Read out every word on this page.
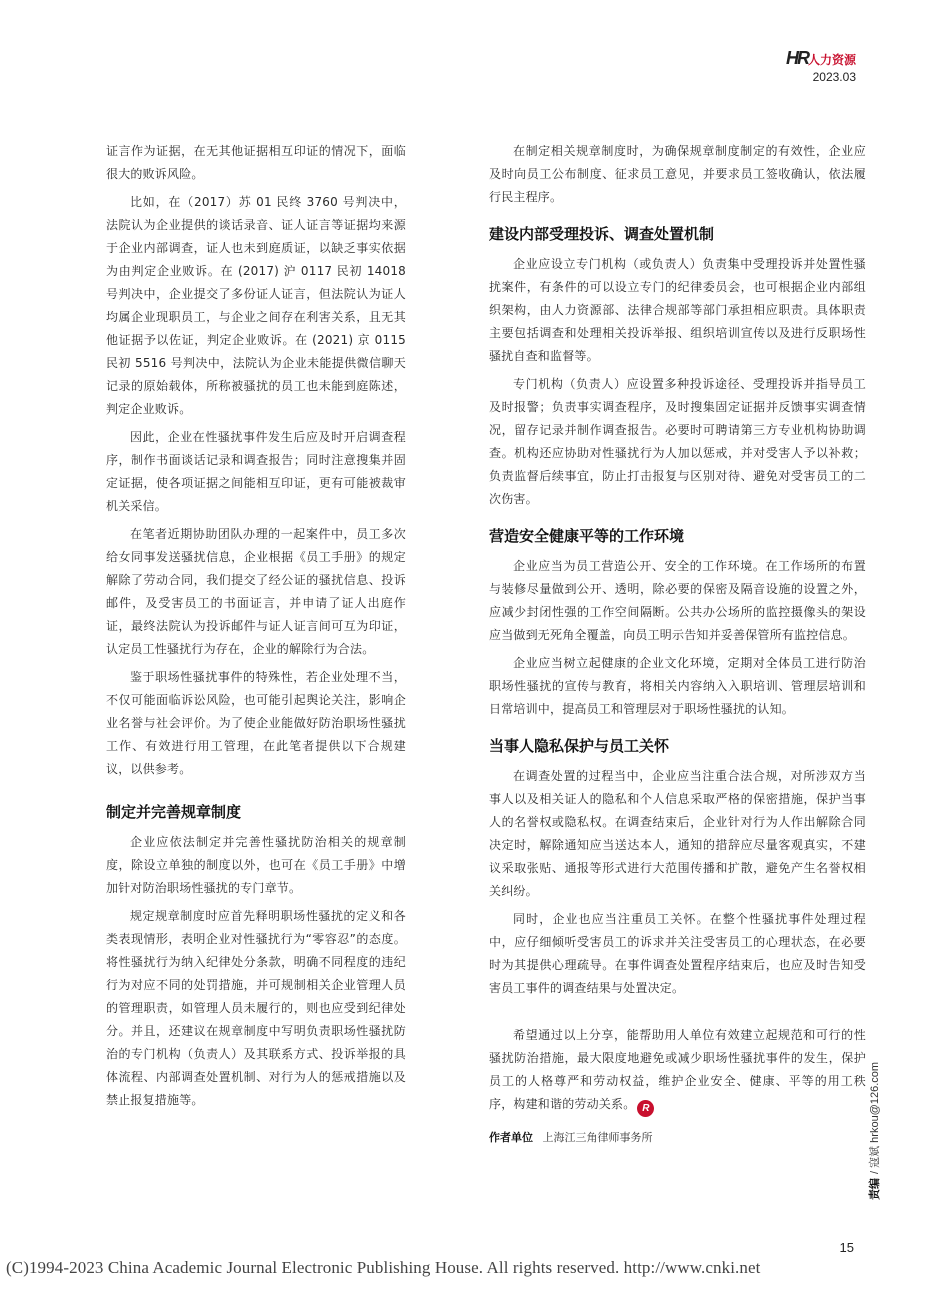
HR人力资源
2023.03

证言作为证据，在无其他证据相互印证的情况下，面临很大的败诉风险。

比如，在（2017）苏 01 民终 3760 号判决中，法院认为企业提供的谈话录音、证人证言等证据均来源于企业内部调查，证人也未到庭质证，以缺乏事实依据为由判定企业败诉。在 (2017) 沪 0117 民初 14018 号判决中，企业提交了多份证人证言，但法院认为证人均属企业现职员工，与企业之间存在利害关系，且无其他证据予以佐证，判定企业败诉。在 (2021) 京 0115 民初 5516 号判决中，法院认为企业未能提供微信聊天记录的原始载体，所称被骚扰的员工也未能到庭陈述，判定企业败诉。

因此，企业在性骚扰事件发生后应及时开启调查程序，制作书面谈话记录和调查报告；同时注意搜集并固定证据，使各项证据之间能相互印证，更有可能被裁审机关采信。

在笔者近期协助团队办理的一起案件中，员工多次给女同事发送骚扰信息，企业根据《员工手册》的规定解除了劳动合同，我们提交了经公证的骚扰信息、投诉邮件，及受害员工的书面证言，并申请了证人出庭作证，最终法院认为投诉邮件与证人证言间可互为印证，认定员工性骚扰行为存在，企业的解除行为合法。

鉴于职场性骚扰事件的特殊性，若企业处理不当，不仅可能面临诉讼风险，也可能引起舆论关注，影响企业名誉与社会评价。为了使企业能做好防治职场性骚扰工作、有效进行用工管理，在此笔者提供以下合规建议，以供参考。

制定并完善规章制度

企业应依法制定并完善性骚扰防治相关的规章制度，除设立单独的制度以外，也可在《员工手册》中增加针对防治职场性骚扰的专门章节。

规定规章制度时应首先释明职场性骚扰的定义和各类表现情形，表明企业对性骚扰行为“零容忍”的态度。将性骚扰行为纳入纪律处分条款，明确不同程度的违纪行为对应不同的处罚措施，并可规制相关企业管理人员的管理职责，如管理人员未履行的，则也应受到纪律处分。并且，还建议在规章制度中写明负责职场性骚扰防治的专门机构（负责人）及其联系方式、投诉举报的具体流程、内部调查处置机制、对行为人的惩戒措施以及禁止报复措施等。

在制定相关规章制度时，为确保规章制度制定的有效性，企业应及时向员工公布制度、征求员工意见，并要求员工签收确认，依法履行民主程序。

建设内部受理投诉、调查处置机制

企业应设立专门机构（或负责人）负责集中受理投诉并处置性骚扰案件，有条件的可以设立专门的纪律委员会，也可根据企业内部组织架构，由人力资源部、法律合规部等部门承担相应职责。具体职责主要包括调查和处理相关投诉举报、组织培训宣传以及进行反职场性骚扰自查和监督等。

专门机构（负责人）应设置多种投诉途径、受理投诉并指导员工及时报警；负责事实调查程序，及时搜集固定证据并反馈事实调查情况，留存记录并制作调查报告。必要时可聘请第三方专业机构协助调查。机构还应协助对性骚扰行为人加以惩戒，并对受害人予以补救；负责监督后续事宜，防止打击报复与区别对待、避免对受害员工的二次伤害。

营造安全健康平等的工作环境

企业应当为员工营造公开、安全的工作环境。在工作场所的布置与装修尽量做到公开、透明，除必要的保密及隔音设施的设置之外，应减少封闭性强的工作空间隔断。公共办公场所的监控摄像头的架设应当做到无死角全覆盖，向员工明示告知并妥善保管所有监控信息。

企业应当树立起健康的企业文化环境，定期对全体员工进行防治职场性骚扰的宣传与教育，将相关内容纳入入职培训、管理层培训和日常培训中，提高员工和管理层对于职场性骚扰的认知。

当事人隐私保护与员工关怀

在调查处置的过程当中，企业应当注重合法合规，对所涉双方当事人以及相关证人的隐私和个人信息采取严格的保密措施，保护当事人的名誉权或隐私权。在调查结束后，企业针对行为人作出解除合同决定时，解除通知应当送达本人，通知的措辞应尽量客观真实，不建议采取张贴、通报等形式进行大范围传播和扩散，避免产生名誉权相关纠纷。

同时，企业也应当注重员工关怀。在整个性骚扰事件处理过程中，应仔细倾听受害员工的诉求并关注受害员工的心理状态，在必要时为其提供心理疏导。在事件调查处置程序结束后，也应及时告知受害员工事件的调查结果与处置决定。

希望通过以上分享，能帮助用人单位有效建立起规范和可行的性骚扰防治措施，最大限度地避免或减少职场性骚扰事件的发生，保护员工的人格尊严和劳动权益，维护企业安全、健康、平等的用工秩序，构建和谐的劳动关系。 R

作者单位 上海江三角律师事务所
责编/ 寇斌 hrkou@126.com
15
(C)1994-2023 China Academic Journal Electronic Publishing House. All rights reserved. http://www.cnki.net
